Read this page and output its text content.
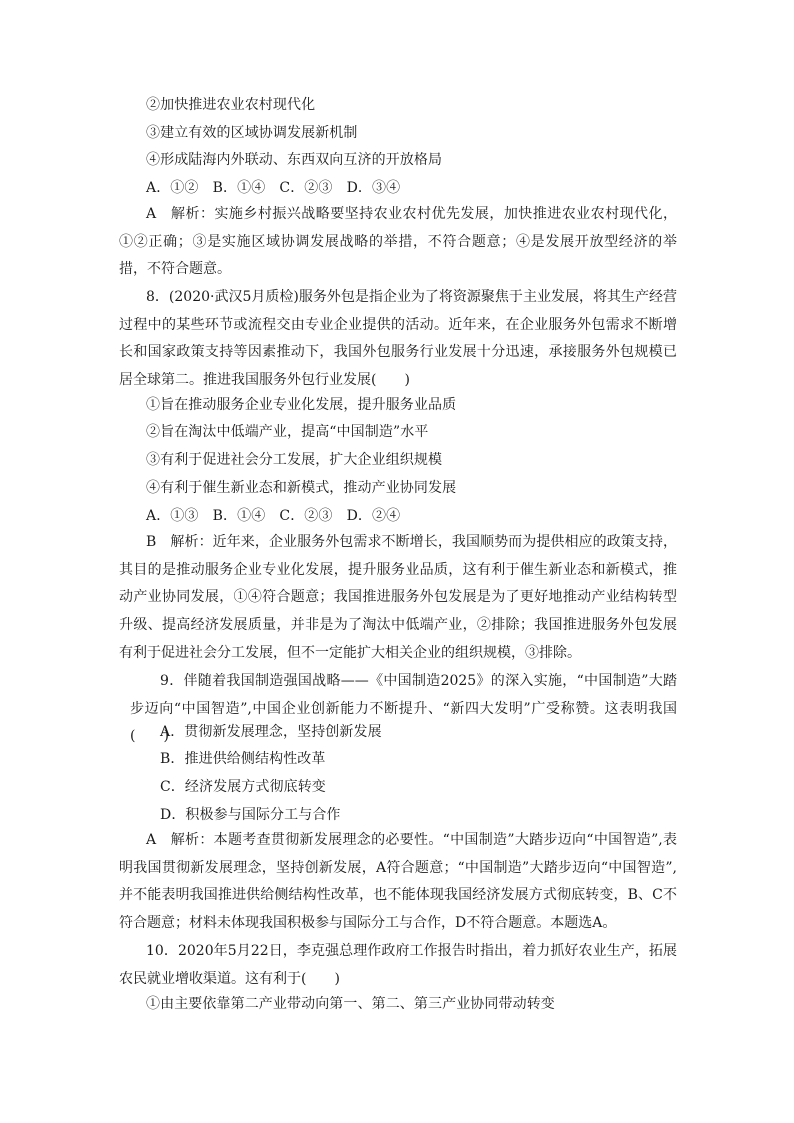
②加快推进农业农村现代化
③建立有效的区域协调发展新机制
④形成陆海内外联动、东西双向互济的开放格局
A．①②　B．①④　C．②③　D．③④
A　解析：实施乡村振兴战略要坚持农业农村优先发展，加快推进农业农村现代化，①②正确；③是实施区域协调发展战略的举措，不符合题意；④是发展开放型经济的举措，不符合题意。
8．(2020·武汉5月质检)服务外包是指企业为了将资源聚焦于主业发展，将其生产经营过程中的某些环节或流程交由专业企业提供的活动。近年来，在企业服务外包需求不断增长和国家政策支持等因素推动下，我国外包服务行业发展十分迅速，承接服务外包规模已居全球第二。推进我国服务外包行业发展(　　)
①旨在推动服务企业专业化发展，提升服务业品质
②旨在淘汰中低端产业，提高“中国制造”水平
③有利于促进社会分工发展，扩大企业组织规模
④有利于催生新业态和新模式，推动产业协同发展
A．①③　B．①④　C．②③　D．②④
B　解析：近年来，企业服务外包需求不断增长，我国顺势而为提供相应的政策支持，其目的是推动服务企业专业化发展，提升服务业品质，这有利于催生新业态和新模式，推动产业协同发展，①④符合题意；我国推进服务外包发展是为了更好地推动产业结构转型升级、提高经济发展质量，并非是为了淘汰中低端产业，②排除；我国推进服务外包发展有利于促进社会分工发展，但不一定能扩大相关企业的组织规模，③排除。
9．伴随着我国制造强国战略——《中国制造2025》的深入实施，“中国制造”大踏步迈向“中国智造”,中国企业创新能力不断提升、“新四大发明”广受称赞。这表明我国(　　)
A．贯彻新发展理念，坚持创新发展
B．推进供给侧结构性改革
C．经济发展方式彻底转变
D．积极参与国际分工与合作
A　解析：本题考查贯彻新发展理念的必要性。“中国制造”大踏步迈向“中国智造”,表明我国贯彻新发展理念，坚持创新发展，A符合题意；“中国制造”大踏步迈向“中国智造”,并不能表明我国推进供给侧结构性改革，也不能体现我国经济发展方式彻底转变，B、C不符合题意；材料未体现我国积极参与国际分工与合作，D不符合题意。本题选A。
10．2020年5月22日，李克强总理作政府工作报告时指出，着力抓好农业生产，拓展农民就业增收渠道。这有利于(　　)
①由主要依靠第二产业带动向第一、第二、第三产业协同带动转变
